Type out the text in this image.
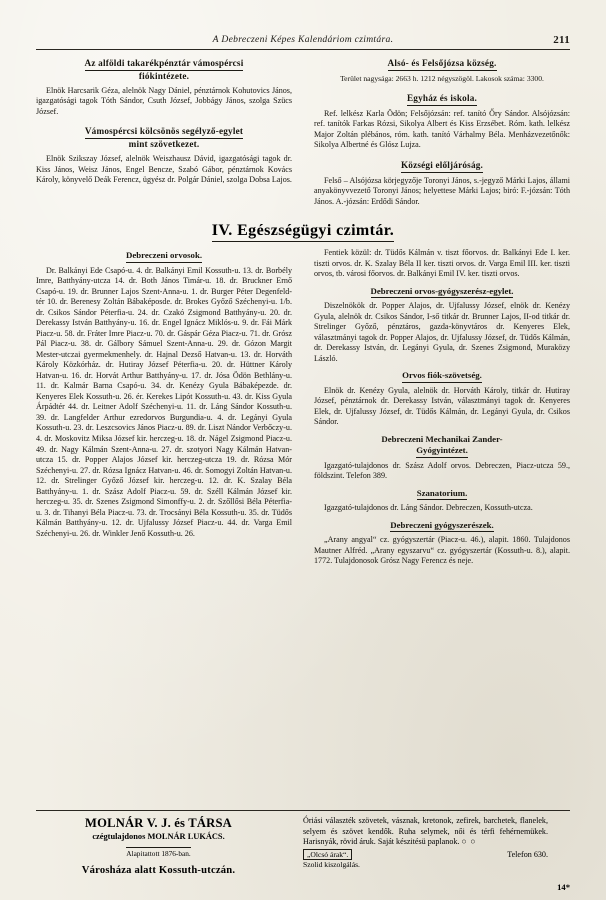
A Debreczeni Képes Kalendáriom czimtára.	211
Az alföldi takarékpénztár vámospércsi
fiókintézete.

Elnök Harcsarik Géza, alelnök Nagy Dániel, pénztárnok Kohutovics János, igazgatósági tagok Tóth Sándor, Csuth József, Jobbágy János, szolga Szücs József.

Vámospércsi kölcsönös segélyző-egylet
mint szövetkezet.

Elnök Szikszay József, alelnök Weiszhausz Dávid, igazgatósági tagok dr. Kiss János, Weisz János, Engel Bencze, Szabó Gábor, pénztárnok Kovács Károly, könyvelő Deák Ferencz, ügyész dr. Polgár Dániel, szolga Dobsa Lajos.

Alsó- és Felsőjózsa község.

Terület nagysága: 2663 h. 1212 négyszögöl. Lakosok száma: 3300.

Egyház és iskola.

Ref. lelkész Karla Ödön; Felsőjózsán: ref. tanító Őry Sándor. Alsójózsán: ref. tanítók Farkas Rózsi, Sikolya Albert és Kiss Erzsébet. Róm. kath. lelkész Major Zoltán plébános, róm. kath. tanító Várhalmy Béla. Menházvezetőnők: Sikolya Albertné és Glósz Lujza.

Községi előljáróság.

Felső – Alsójózsa körjegyzője Toronyi János, s.-jegyző Márki Lajos, állami anyakönyvvezető Toronyi János; helyettese Márki Lajos; biró: F.-józsán: Tóth János. A.-józsán: Erdődi Sándor.

IV. Egészségügyi czimtár.
Debreczeni orvosok.

Dr. Balkányi Ede Csapó-u. 4. dr. Balkányi Emil Kossuth-u. 13. dr. Borbély Imre, Batthyány-utcza 14. dr. Both János Timár-u. 18. dr. Bruckner Ernő Csapó-u. 19. dr. Brunner Lajos Szent-Anna-u. 1. dr. Burger Péter Degenfeld-tér 10. dr. Berenesy Zoltán Bábaképosde. dr. Brokes Győző Széchenyi-u. 1/b. dr. Csikos Sándor Péterfia-u. 24. dr. Czakó Zsigmond Batthyány-u. 20. dr. Derekassy István Batthyány-u. 16. dr. Engel Ignácz Miklós-u. 9. dr. Fái Márk Piacz-u. 58. dr. Fráter Imre Piacz-u. 70. dr. Gáspár Géza Piacz-u. 71. dr. Grósz Pál Piacz-u. 38. dr. Gálbory Sámuel Szent-Anna-u. 29. dr. Gózon Margit Mester-utczai gyermekmenhely. dr. Hajnal Dezső Hatvan-u. 13. dr. Horváth Károly Közkórház. dr. Hutiray József Péterfia-u. 20. dr. Hüttner Károly Hatvan-u. 16. dr. Horvát Arthur Batthyány-u. 17. dr. Jósa Ödön Bethlány-u. 11. dr. Kalmár Barna Csapó-u. 34. dr. Kenézy Gyula Bábaképezde. dr. Kenyeres Elek Kossuth-u. 26. ér. Kerekes Lipót Kossuth-u. 43. dr. Kiss Gyula Árpádtér 44. dr. Leitner Adolf Széchenyi-u. 11. dr. Láng Sándor Kossuth-u. 39. dr. Langfelder Arthur ezredorvos Burgundia-u. 4. dr. Legányi Gyula Kossuth-u. 23. dr. Leszcsovics János Piacz-u. 89. dr. Liszt Nándor Verbőczy-u. 4. dr. Moskovitz Miksa József kir. herczeg-u. 18. dr. Nágel Zsigmond Piacz-u. 49. dr. Nagy Kálmán Szent-Anna-u. 27. dr. szotyori Nagy Kálmán Hatvan-utcza 15. dr. Popper Alajos József kir. herczeg-utcza 19. dr. Rózsa Mór Széchenyi-u. 27. dr. Rózsa Ignácz Hatvan-u. 46. dr. Somogyi Zoltán Hatvan-u. 12. dr. Strelinger Győző József kir. herczeg-u. 12. dr. K. Szalay Béla Batthyány-u. 1. dr. Szász Adolf Piacz-u. 59. dr. Széll Kálmán József kir. herczeg-u. 35. dr. Szenes Zsigmond Simonffy-u. 2. dr. Szőllősi Béla Péterfia-u. 3. dr. Tihanyi Béla Piacz-u. 73. dr. Trocsányi Béla Kossuth-u. 35. dr. Tüdős Kálmán Batthyány-u. 12. dr. Ujfalussy József Piacz-u. 44. dr. Varga Emil Széchenyi-u. 26. dr. Winkler Jenő Kossuth-u. 26.

Fentiek közül: dr. Tüdős Kálmán v. tiszt főorvos. dr. Balkányi Ede I. ker. tiszti orvos. dr. K. Szalay Béla II ker. tiszti orvos. dr. Varga Emil III. ker. tiszti orvos, tb. városi főorvos. dr. Balkányi Emil IV. ker. tiszti orvos.

Debreczeni orvos-gyógyszerész-egylet.

Diszelnökök dr. Popper Alajos, dr. Ujfalussy József, elnök dr. Kenézy Gyula, alelnök dr. Csikos Sándor, I-ső titkár dr. Brunner Lajos, II-od titkár dr. Strelinger Győző, pénztáros, gazda-könyvtáros dr. Kenyeres Elek, választmányi tagok dr. Popper Alajos, dr. Ujfalussy József, dr. Tüdős Kálmán, dr. Derekassy István, dr. Legányi Gyula, dr. Szenes Zsigmond, Muraközy László.

Orvos fiók-szövetség.

Elnök dr. Kenézy Gyula, alelnök dr. Horváth Károly, titkár dr. Hutiray József, pénztárnok dr. Derekassy István, választmányi tagok dr. Kenyeres Elek, dr. Ujfalussy József, dr. Tüdős Kálmán, dr. Legányi Gyula, dr. Csikos Sándor.

Debreczeni Mechanikai Zander-
Gyógyintézet.

Igazgató-tulajdonos dr. Szász Adolf orvos. Debreczen, Piacz-utcza 59., földszint. Telefon 389.

Szanatorium.

Igazgató-tulajdonos dr. Láng Sándor. Debreczen, Kossuth-utcza.

Debreczeni gyógyszerészek.

„Arany angyal“ cz. gyógyszertár (Piacz-u. 46.), alapit. 1860. Tulajdonos Mautner Alfréd. „Arany egyszarvu“ cz. gyógyszertár (Kossuth-u. 8.), alapit. 1772. Tulajdonosok Grósz Nagy Ferencz és neje.

MOLNÁR V. J. és TÁRSA
czégtulajdonos MOLNÁR LUKÁCS.
Alapitattott 1876-ban.
Városháza alatt Kossuth-utczán.
Óriási választék szövetek, vásznak, kretonok, zefirek, barchetek, flanelek, selyem és szövet kendők. Ruha selymek, női és térfi fehérnemükek. Harisnyák, rövid áruk. Saját készitésü paplanok. ○ ○
„Olcsó árak“.	Telefon 630.
Szolid kiszolgálás.
14*
